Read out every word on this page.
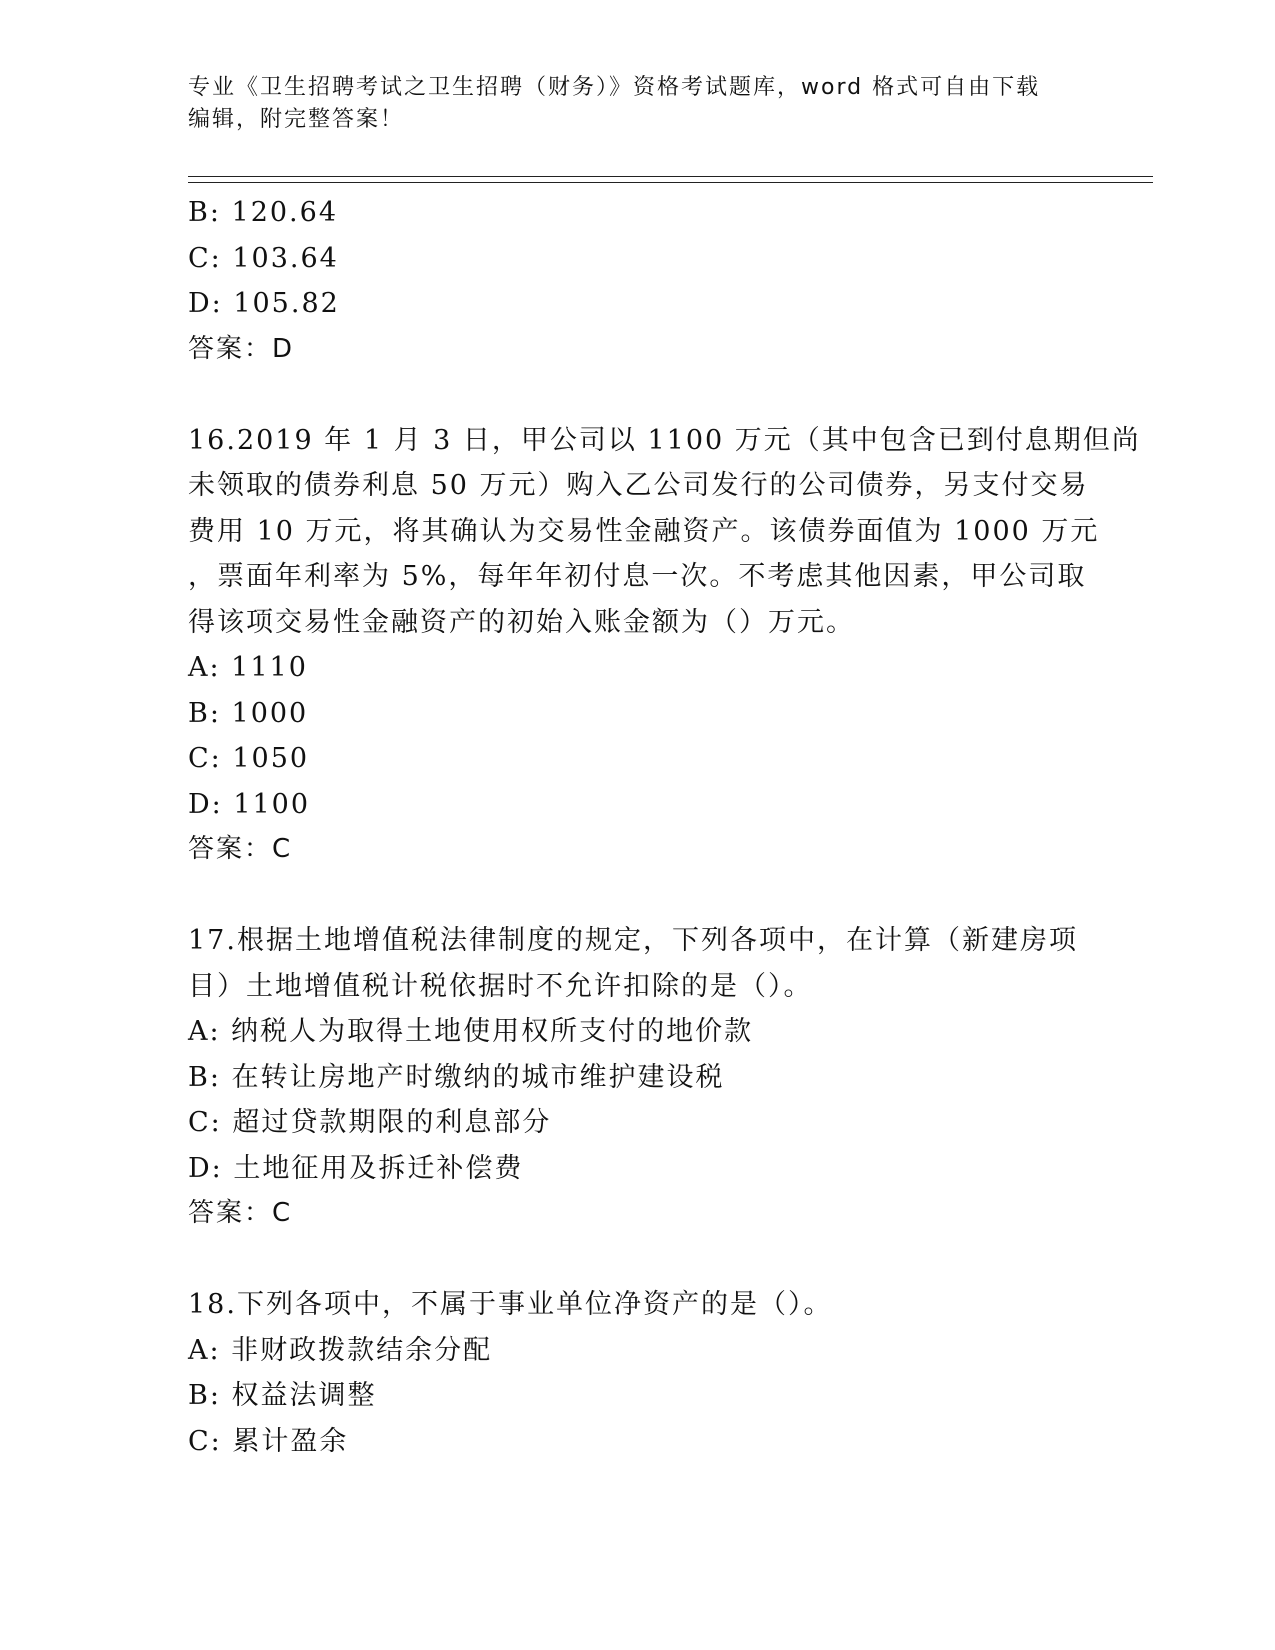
专业《卫生招聘考试之卫生招聘（财务）》资格考试题库，word 格式可自由下载
编辑，附完整答案！
B: 120.64
C: 103.64
D: 105.82
答案：D
16.2019 年 1 月 3 日，甲公司以 1100 万元（其中包含已到付息期但尚
未领取的债券利息 50 万元）购入乙公司发行的公司债券，另支付交易
费用 10 万元，将其确认为交易性金融资产。该债券面值为 1000 万元
，票面年利率为 5%，每年年初付息一次。不考虑其他因素，甲公司取
得该项交易性金融资产的初始入账金额为（）万元。
A: 1110
B: 1000
C: 1050
D: 1100
答案：C
17.根据土地增值税法律制度的规定，下列各项中，在计算（新建房项
目）土地增值税计税依据时不允许扣除的是（）。
A: 纳税人为取得土地使用权所支付的地价款
B: 在转让房地产时缴纳的城市维护建设税
C: 超过贷款期限的利息部分
D: 土地征用及拆迁补偿费
答案：C
18.下列各项中，不属于事业单位净资产的是（）。
A: 非财政拨款结余分配
B: 权益法调整
C: 累计盈余
